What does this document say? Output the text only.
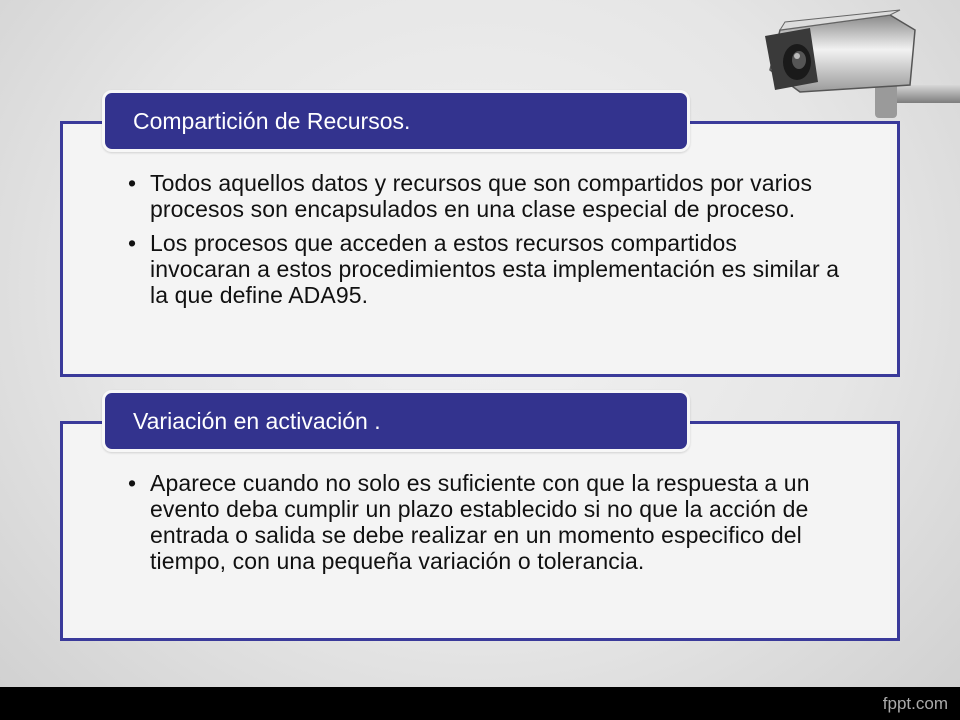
• Todos aquellos datos y recursos que son compartidos por varios procesos son encapsulados en una clase especial de proceso.
• Los procesos que acceden a estos recursos compartidos invocaran a estos procedimientos esta implementación es similar a la que define ADA95.
Compartición de Recursos.
• Aparece cuando no solo es suficiente con que la respuesta a un evento deba cumplir un plazo establecido si no que la acción de entrada o salida se debe realizar en un momento especifico del tiempo, con una pequeña variación o tolerancia.
Variación en activación .
fppt.com
